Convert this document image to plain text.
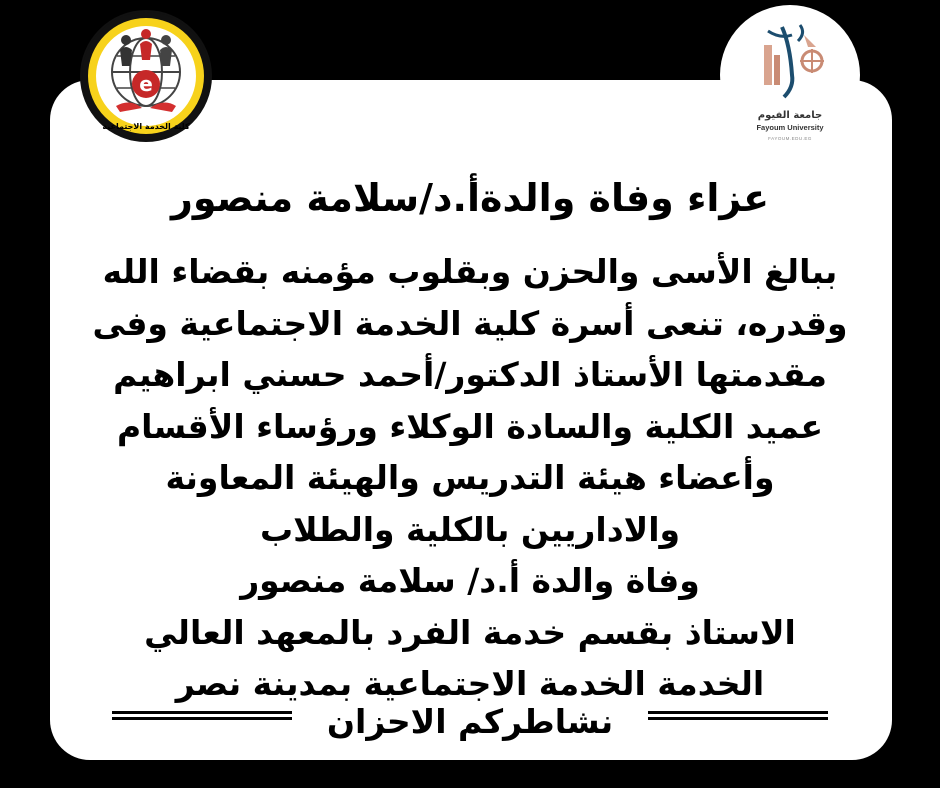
e
كلية الخدمة الاجتماعية
جامعة الفيوم
Fayoum University
FAYOUM.EDU.EG
عزاء وفاة والدةأ.د/سلامة منصور
ببالغ الأسى والحزن وبقلوب مؤمنه بقضاء الله
وقدره، تنعى أسرة كلية الخدمة الاجتماعية وفى
مقدمتها الأستاذ الدكتور/أحمد حسني ابراهيم
عميد الكلية والسادة الوكلاء ورؤساء الأقسام
وأعضاء هيئة التدريس والهيئة المعاونة
والاداريين بالكلية والطلاب
وفاة والدة أ.د/ سلامة منصور
الاستاذ بقسم خدمة الفرد بالمعهد العالي
الخدمة الخدمة الاجتماعية بمدينة نصر
نشاطركم الاحزان
